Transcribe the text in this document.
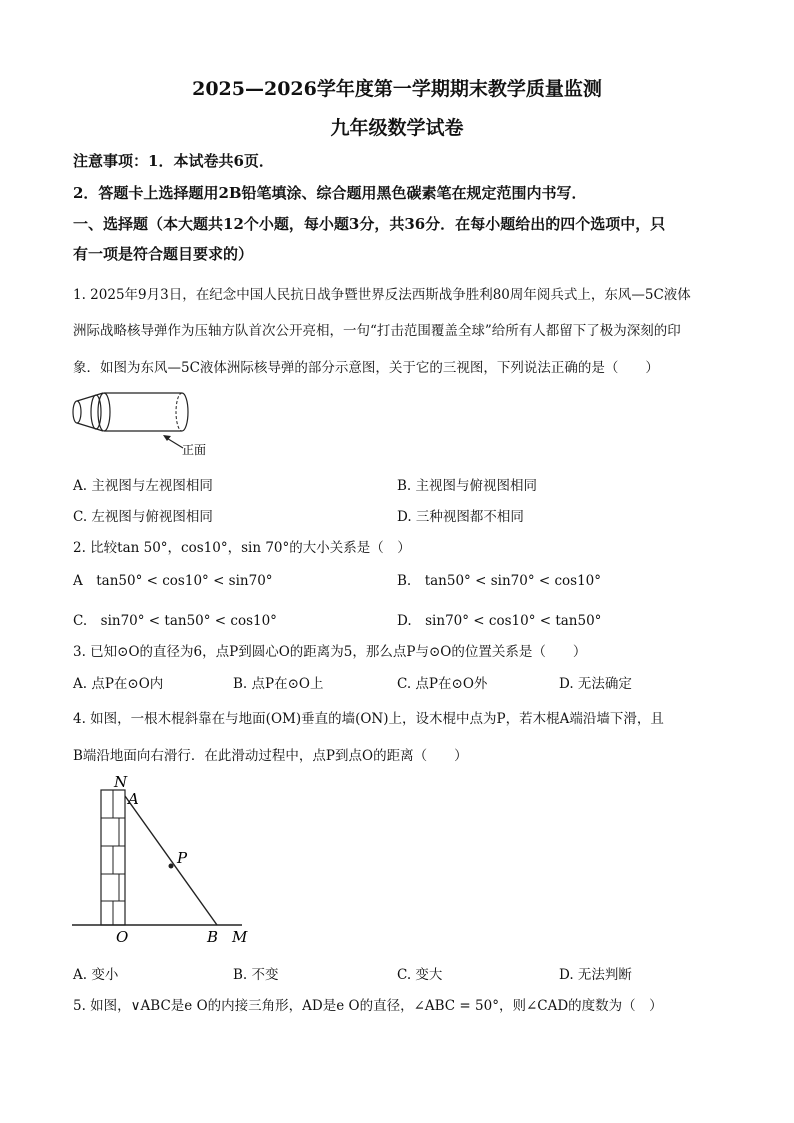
2025—2026学年度第一学期期末教学质量监测
九年级数学试卷
注意事项：1．本试卷共6页．
2．答题卡上选择题用2B铅笔填涂、综合题用黑色碳素笔在规定范围内书写．
一、选择题（本大题共12个小题，每小题3分，共36分．在每小题给出的四个选项中，只
有一项是符合题目要求的）
1. 2025年9月3日，在纪念中国人民抗日战争暨世界反法西斯战争胜利80周年阅兵式上，东风—5C液体
洲际战略核导弹作为压轴方队首次公开亮相，一句“打击范围覆盖全球”给所有人都留下了极为深刻的印
象．如图为东风—5C液体洲际核导弹的部分示意图，关于它的三视图，下列说法正确的是（　　）
正面
A. 主视图与左视图相同	B. 主视图与俯视图相同
C. 左视图与俯视图相同	D. 三种视图都不相同
2. 比较tan 50°，cos10°，sin 70°的大小关系是（　）
A　tan50° < cos10° < sin70°	B.　tan50° < sin70° < cos10°
C.　sin70° < tan50° < cos10°	D.　sin70° < cos10° < tan50°
3. 已知⊙O的直径为6，点P到圆心O的距离为5，那么点P与⊙O的位置关系是（　　）
A. 点P在⊙O内	B. 点P在⊙O上	C. 点P在⊙O外	D. 无法确定
4. 如图，一根木棍斜靠在与地面(OM)垂直的墙(ON)上，设木棍中点为P，若木棍A端沿墙下滑，且
B端沿地面向右滑行．在此滑动过程中，点P到点O的距离（　　）
N
A
P
O	B M
A. 变小	B. 不变	C. 变大	D. 无法判断
5. 如图，∨ABC是e O的内接三角形，AD是e O的直径，∠ABC = 50°，则∠CAD的度数为（　）
